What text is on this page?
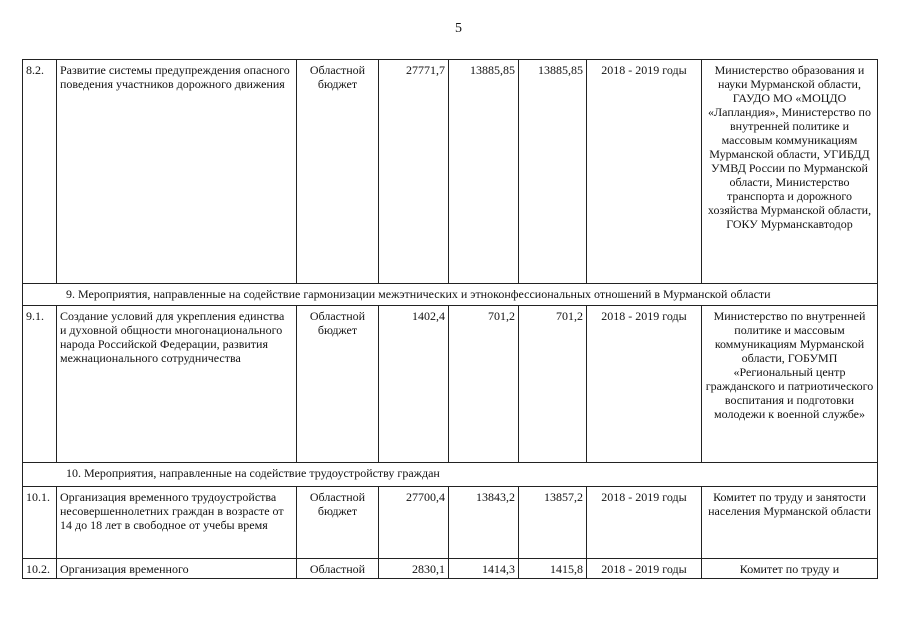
5
8.2.	Развитие системы предупреждения опасного поведения участников дорожного движения	Областной бюджет	27771,7	13885,85	13885,85	2018 - 2019 годы	Министерство образования и науки Мурманской области, ГАУДО МО «МОЦДО «Лапландия», Министерство по внутренней политике и массовым коммуникациям Мурманской области, УГИБДД УМВД России по Мурманской области, Министерство транспорта и дорожного хозяйства Мурманской области, ГОКУ Мурманскавтодор
9. Мероприятия, направленные на содействие гармонизации межэтнических и этноконфессиональных отношений в Мурманской области							
9.1.	Создание условий для укрепления единства и духовной общности многонационального народа Российской Федерации, развития межнационального сотрудничества	Областной бюджет	1402,4	701,2	701,2	2018 - 2019 годы	Министерство по внутренней политике и массовым коммуникациям Мурманской области, ГОБУМП «Региональный центр гражданского и патриотического воспитания и подготовки молодежи к военной службе»
10. Мероприятия, направленные на содействие трудоустройству граждан							
10.1.	Организация временного трудоустройства несовершеннолетних граждан в возрасте от 14 до 18 лет в свободное от учебы время	Областной бюджет	27700,4	13843,2	13857,2	2018 - 2019 годы	Комитет по труду и занятости населения Мурманской области
10.2.	Организация временного	Областной	2830,1	1414,3	1415,8	2018 - 2019 годы	Комитет по труду и
